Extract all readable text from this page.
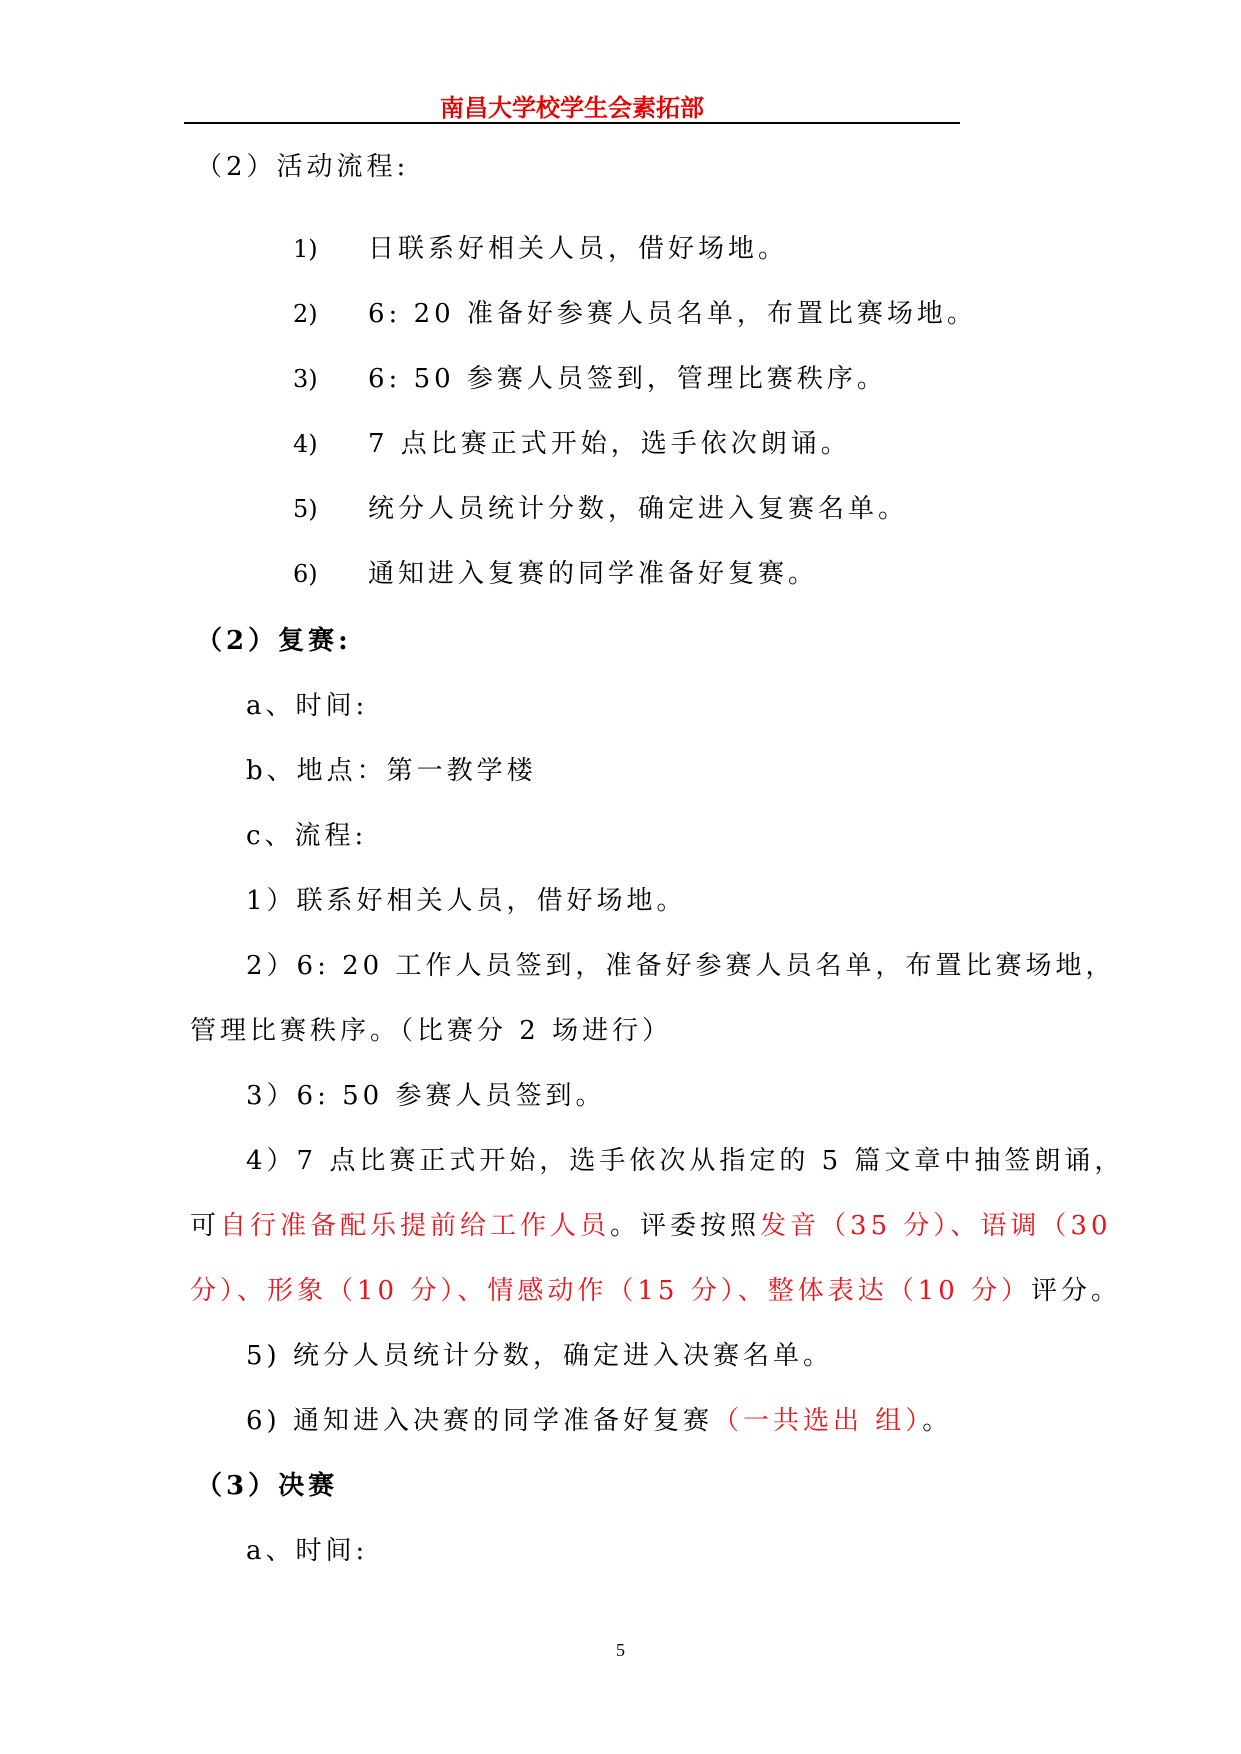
南昌大学校学生会素拓部
（2）活动流程:
1) 日联系好相关人员，借好场地。
2) 6: 20 准备好参赛人员名单，布置比赛场地。
3) 6: 50 参赛人员签到，管理比赛秩序。
4) 7 点比赛正式开始，选手依次朗诵。
5) 统分人员统计分数，确定进入复赛名单。
6) 通知进入复赛的同学准备好复赛。
（2）复赛:
a、时间:
b、地点：第一教学楼
c、流程:
1）联系好相关人员，借好场地。
2）6: 20 工作人员签到，准备好参赛人员名单，布置比赛场地，
管理比赛秩序。（比赛分 2 场进行）
3）6: 50 参赛人员签到。
4）7 点比赛正式开始，选手依次从指定的 5 篇文章中抽签朗诵，
可自行准备配乐提前给工作人员。评委按照发音（35 分）、语调（30
分）、形象（10 分）、情感动作（15 分）、整体表达（10 分）评分。
5) 统分人员统计分数，确定进入决赛名单。
6) 通知进入决赛的同学准备好复赛（一共选出 组）。
（3）决赛
a、时间:
5
